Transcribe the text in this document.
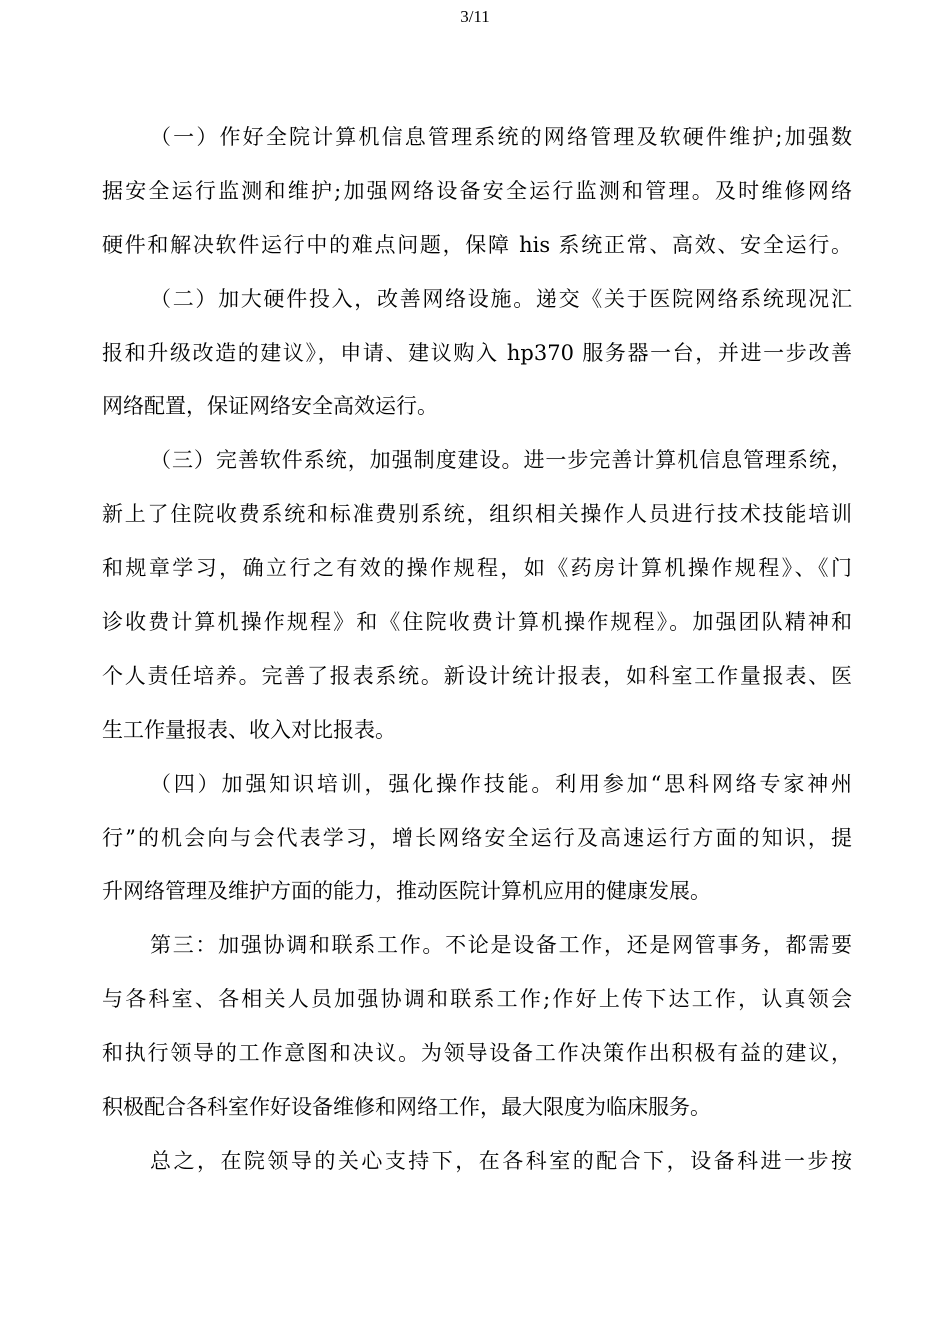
3/11
（一）作好全院计算机信息管理系统的网络管理及软硬件维护;加强数
据安全运行监测和维护;加强网络设备安全运行监测和管理。及时维修网络
硬件和解决软件运行中的难点问题，保障 his 系统正常、高效、安全运行。
（二）加大硬件投入，改善网络设施。递交《关于医院网络系统现况汇
报和升级改造的建议》，申请、建议购入 hp370 服务器一台，并进一步改善
网络配置，保证网络安全高效运行。
（三）完善软件系统，加强制度建设。进一步完善计算机信息管理系统，
新上了住院收费系统和标准费别系统，组织相关操作人员进行技术技能培训
和规章学习，确立行之有效的操作规程，如《药房计算机操作规程》、《门
诊收费计算机操作规程》和《住院收费计算机操作规程》。加强团队精神和
个人责任培养。完善了报表系统。新设计统计报表，如科室工作量报表、医
生工作量报表、收入对比报表。
（四）加强知识培训，强化操作技能。利用参加“思科网络专家神州
行”的机会向与会代表学习，增长网络安全运行及高速运行方面的知识，提
升网络管理及维护方面的能力，推动医院计算机应用的健康发展。
第三：加强协调和联系工作。不论是设备工作，还是网管事务，都需要
与各科室、各相关人员加强协调和联系工作;作好上传下达工作，认真领会
和执行领导的工作意图和决议。为领导设备工作决策作出积极有益的建议，
积极配合各科室作好设备维修和网络工作，最大限度为临床服务。
总之，在院领导的关心支持下，在各科室的配合下，设备科进一步按
